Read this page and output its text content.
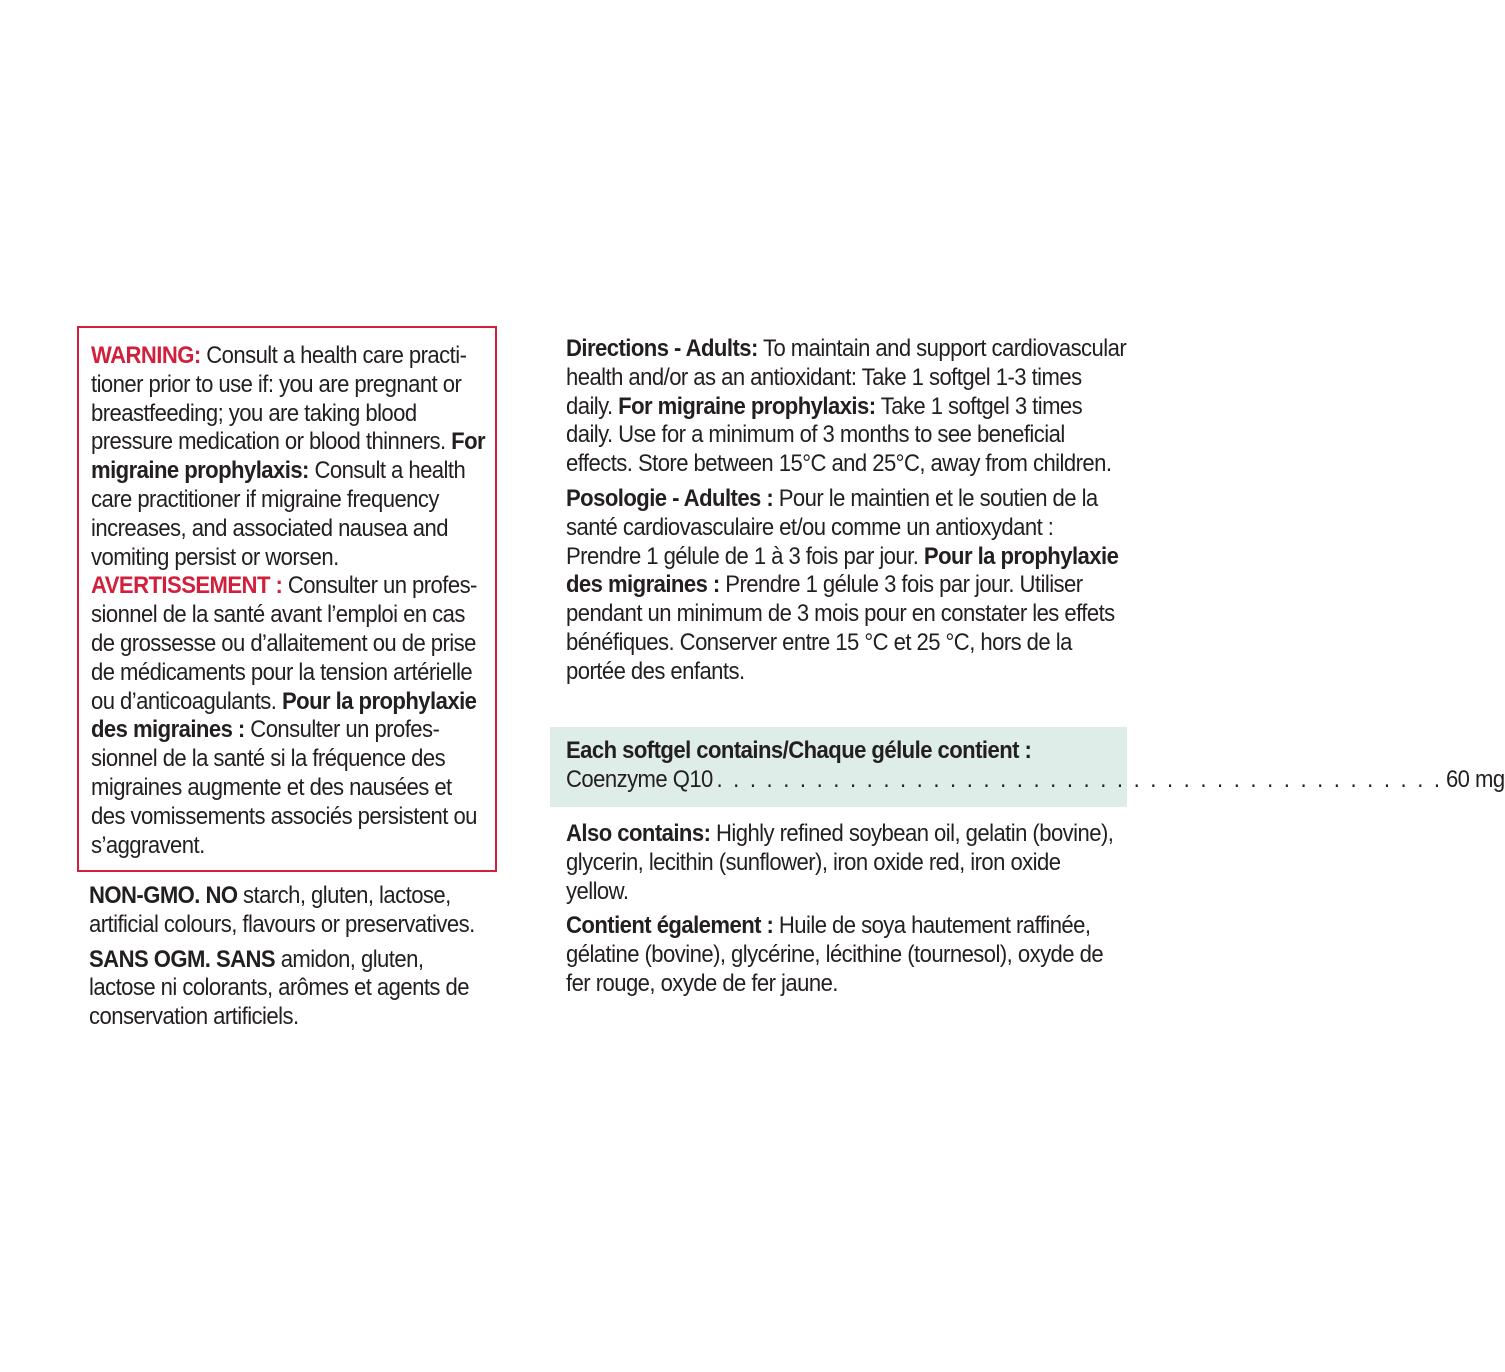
WARNING: Consult a health care practi-tioner prior to use if: you are pregnant or breastfeeding; you are taking blood pressure medication or blood thinners. For migraine prophylaxis: Consult a health care practitioner if migraine frequency increases, and associated nausea and vomiting persist or worsen.

AVERTISSEMENT : Consulter un profes-sionnel de la santé avant l’emploi en cas de grossesse ou d’allaitement ou de prise de médicaments pour la tension artérielle ou d’anticoagulants. Pour la prophylaxie des migraines : Consulter un profes-sionnel de la santé si la fréquence des migraines augmente et des nausées et des vomissements associés persistent ou s’aggravent.

NON-GMO. NO starch, gluten, lactose, artificial colours, flavours or preservatives.

SANS OGM. SANS amidon, gluten, lactose ni colorants, arômes et agents de conservation artificiels.

Directions - Adults: To maintain and support cardiovascular health and/or as an antioxidant: Take 1 softgel 1-3 times daily. For migraine prophylaxis: Take 1 softgel 3 times daily. Use for a minimum of 3 months to see beneficial effects. Store between 15°C and 25°C, away from children.

Posologie - Adultes : Pour le maintien et le soutien de la santé cardiovasculaire et/ou comme un antioxydant : Prendre 1 gélule de 1 à 3 fois par jour. Pour la prophylaxie des migraines : Prendre 1 gélule 3 fois par jour. Utiliser pendant un minimum de 3 mois pour en constater les effets bénéfiques. Conserver entre 15 °C et 25 °C, hors de la portée des enfants.

Each softgel contains/Chaque gélule contient :
Coenzyme Q10 . . . . . . . . . . . . . . . . . . . . . . . . . . . . . . . . . . . . . . . . . . . . 60 mg

Also contains: Highly refined soybean oil, gelatin (bovine), glycerin, lecithin (sunflower), iron oxide red, iron oxide yellow.

Contient également : Huile de soya hautement raffinée, gélatine (bovine), glycérine, lécithine (tournesol), oxyde de fer rouge, oxyde de fer jaune.
